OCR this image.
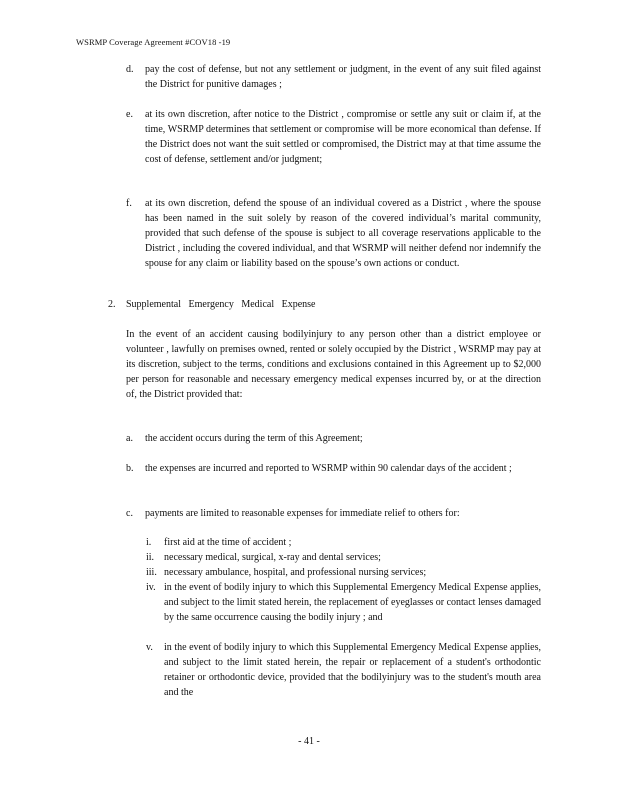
WSRMP Coverage Agreement #COV18 -19
d. pay the cost of defense, but not any settlement or judgment, in the event of any suit filed against the District for punitive damages ;
e. at its own discretion, after notice to the District , compromise or settle any suit or claim if, at the time, WSRMP determines that settlement or compromise will be more economical than defense. If the District does not want the suit settled or compromised, the District may at that time assume the cost of defense, settlement and/or judgment;
f. at its own discretion, defend the spouse of an individual covered as a District , where the spouse has been named in the suit solely by reason of the covered individual’s marital community, provided that such defense of the spouse is subject to all coverage reservations applicable to the District , including the covered individual, and that WSRMP will neither defend nor indemnify the spouse for any claim or liability based on the spouse’s own actions or conduct.
2. Supplemental Emergency Medical Expense
In the event of an accident causing bodilyinjury to any person other than a district employee or volunteer , lawfully on premises owned, rented or solely occupied by the District , WSRMP may pay at its discretion, subject to the terms, conditions and exclusions contained in this Agreement up to $2,000 per person for reasonable and necessary emergency medical expenses incurred by, or at the direction of, the District provided that:
a. the accident occurs during the term of this Agreement;
b. the expenses are incurred and reported to WSRMP within 90 calendar days of the accident ;
c. payments are limited to reasonable expenses for immediate relief to others for:
i. first aid at the time of accident ;
ii. necessary medical, surgical, x-ray and dental services;
iii. necessary ambulance, hospital, and professional nursing services;
iv. in the event of bodily injury to which this Supplemental Emergency Medical Expense applies, and subject to the limit stated herein, the replacement of eyeglasses or contact lenses damaged by the same occurrence causing the bodily injury ; and
v. in the event of bodily injury to which this Supplemental Emergency Medical Expense applies, and subject to the limit stated herein, the repair or replacement of a student's orthodontic retainer or orthodontic device, provided that the bodilyinjury was to the student's mouth area and the
- 41 -
